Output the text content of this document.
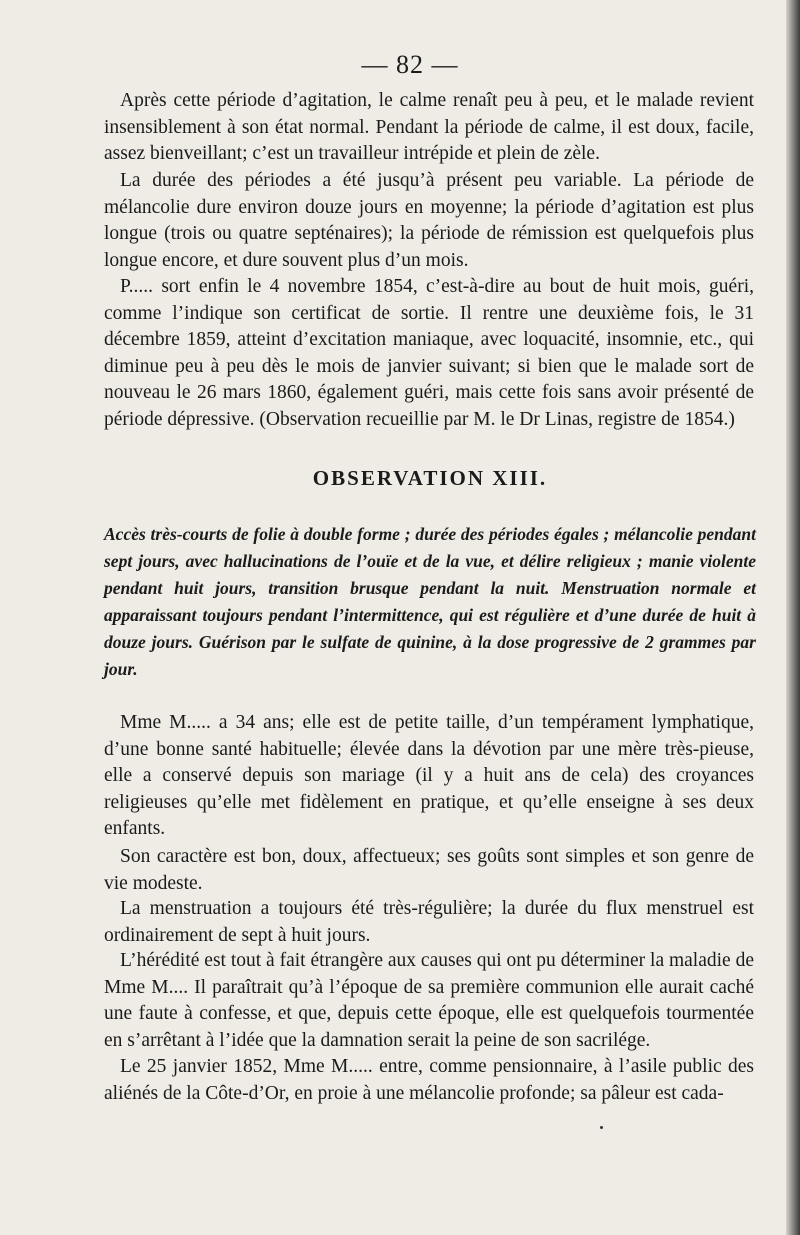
— 82 —

Après cette période d’agitation, le calme renaît peu à peu, et le malade revient insensiblement à son état normal. Pendant la période de calme, il est doux, facile, assez bienveillant; c’est un travailleur intrépide et plein de zèle.

La durée des périodes a été jusqu’à présent peu variable. La période de mélancolie dure environ douze jours en moyenne; la période d’agitation est plus longue (trois ou quatre septénaires); la période de rémission est quelquefois plus longue encore, et dure souvent plus d’un mois.

P..... sort enfin le 4 novembre 1854, c’est-à-dire au bout de huit mois, guéri, comme l’indique son certificat de sortie. Il rentre une deuxième fois, le 31 décembre 1859, atteint d’excitation maniaque, avec loquacité, insomnie, etc., qui diminue peu à peu dès le mois de janvier suivant; si bien que le malade sort de nouveau le 26 mars 1860, également guéri, mais cette fois sans avoir présenté de période dépressive. (Observation recueillie par M. le Dr Linas, registre de 1854.)

OBSERVATION XIII.

Accès très-courts de folie à double forme ; durée des périodes égales ; mélancolie pendant sept jours, avec hallucinations de l’ouïe et de la vue, et délire religieux ; manie violente pendant huit jours, transition brusque pendant la nuit. Menstruation normale et apparaissant toujours pendant l’intermittence, qui est régulière et d’une durée de huit à douze jours. Guérison par le sulfate de quinine, à la dose progressive de 2 grammes par jour.

Mme M..... a 34 ans; elle est de petite taille, d’un tempérament lymphatique, d’une bonne santé habituelle; élevée dans la dévotion par une mère très-pieuse, elle a conservé depuis son mariage (il y a huit ans de cela) des croyances religieuses qu’elle met fidèlement en pratique, et qu’elle enseigne à ses deux enfants.

Son caractère est bon, doux, affectueux; ses goûts sont simples et son genre de vie modeste.

La menstruation a toujours été très-régulière; la durée du flux menstruel est ordinairement de sept à huit jours.

L’hérédité est tout à fait étrangère aux causes qui ont pu déterminer la maladie de Mme M.... Il paraîtrait qu’à l’époque de sa première communion elle aurait caché une faute à confesse, et que, depuis cette époque, elle est quelquefois tourmentée en s’arrêtant à l’idée que la damnation serait la peine de son sacrilége.

Le 25 janvier 1852, Mme M..... entre, comme pensionnaire, à l’asile public des aliénés de la Côte-d’Or, en proie à une mélancolie profonde; sa pâleur est cada-
